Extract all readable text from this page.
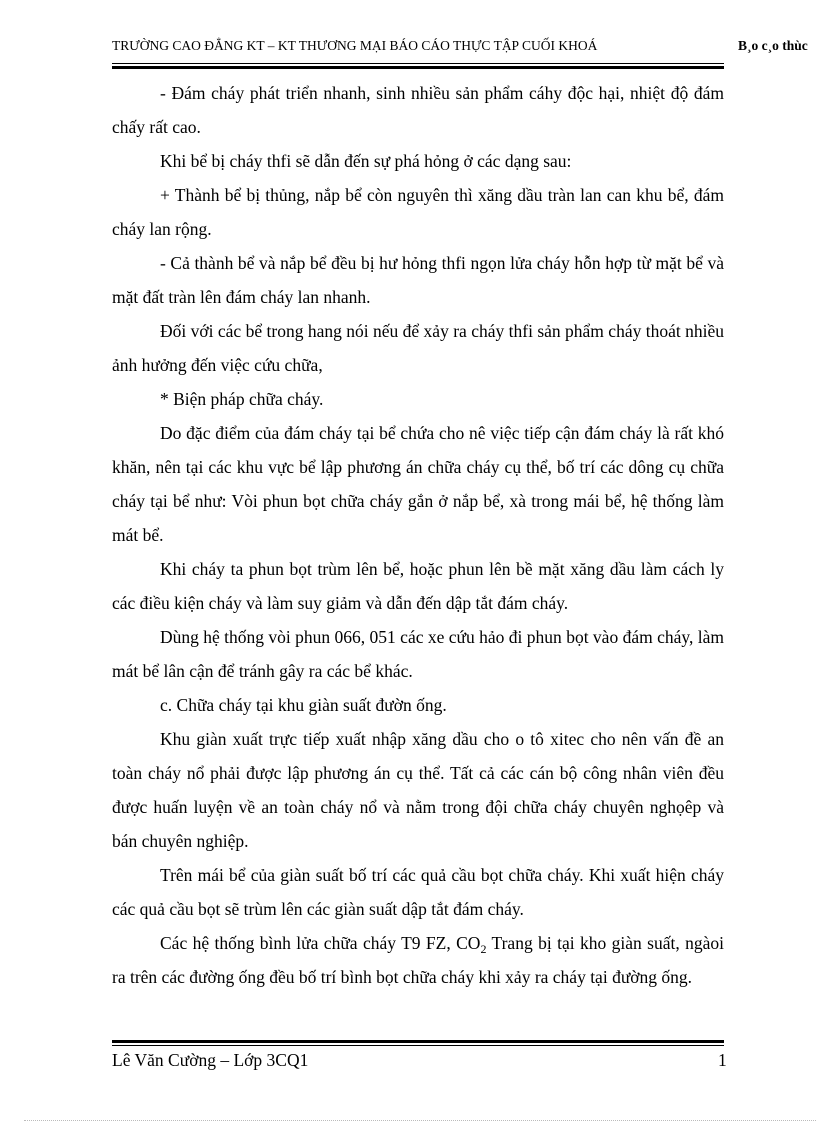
TRƯỜNG CAO ĐẲNG KT – KT THƯƠNG MẠI BÁO CÁO THỰC TẬP CUỐI KHOÁ	B¸o c¸o thùc

- Đám cháy phát triển nhanh, sinh nhiều sản phẩm cáhy độc hại, nhiệt độ đám chấy rất cao.

Khi bể bị cháy thfi sẽ dẫn đến sự phá hỏng ở các dạng sau:

+ Thành bể bị thủng, nắp bể còn nguyên thì xăng dầu tràn lan can khu bể, đám cháy lan rộng.

- Cả thành bể và nắp bể đều bị hư hỏng thfi ngọn lửa cháy hỗn hợp từ mặt bể và mặt đất tràn lên đám cháy lan nhanh.

Đối với các bể trong hang nói nếu để xảy ra cháy thfi sản phẩm cháy thoát nhiều ảnh hưởng đến việc cứu chữa,

* Biện pháp chữa cháy.

Do đặc điểm của đám cháy tại bể chứa cho nê việc tiếp cận đám cháy là rất khó khăn, nên tại các khu vực bể lập phương án chữa cháy cụ thể, bố trí các dông cụ chữa cháy tại bể như: Vòi phun bọt chữa cháy gắn ở nắp bể, xà trong mái bể, hệ thống làm mát bể.

Khi cháy ta phun bọt trùm lên bể, hoặc phun lên bề mặt xăng dầu làm cách ly các điều kiện cháy và làm suy giảm và dẫn đến dập tắt đám cháy.

Dùng hệ thống vòi phun 066, 051 các xe cứu hảo đi phun bọt vào đám cháy, làm mát bể lân cận để tránh gây ra các bể khác.

c. Chữa cháy tại khu giàn suất đườn ống.

Khu giàn xuất trực tiếp xuất nhập xăng dầu cho o tô xitec cho nên vấn đề an toàn cháy nổ phải được lập phương án cụ thể. Tất cả các cán bộ công nhân viên đều được huấn luyện về an toàn cháy nổ và nằm trong đội chữa cháy chuyên nghọêp và bán chuyên nghiệp.

Trên mái bể của giàn suất bố trí các quả cầu bọt chữa cháy. Khi xuất hiện cháy các quả cầu bọt sẽ trùm lên các giàn suất dập tắt đám cháy.

Các hệ thống bình lửa chữa cháy T9 FZ, $CO_2$ Trang bị tại kho giàn suất, ngàoi ra trên các đường ống đều bố trí bình bọt chữa cháy khi xảy ra cháy tại đường ống.

Lê Văn Cường – Lớp 3CQ1	1
